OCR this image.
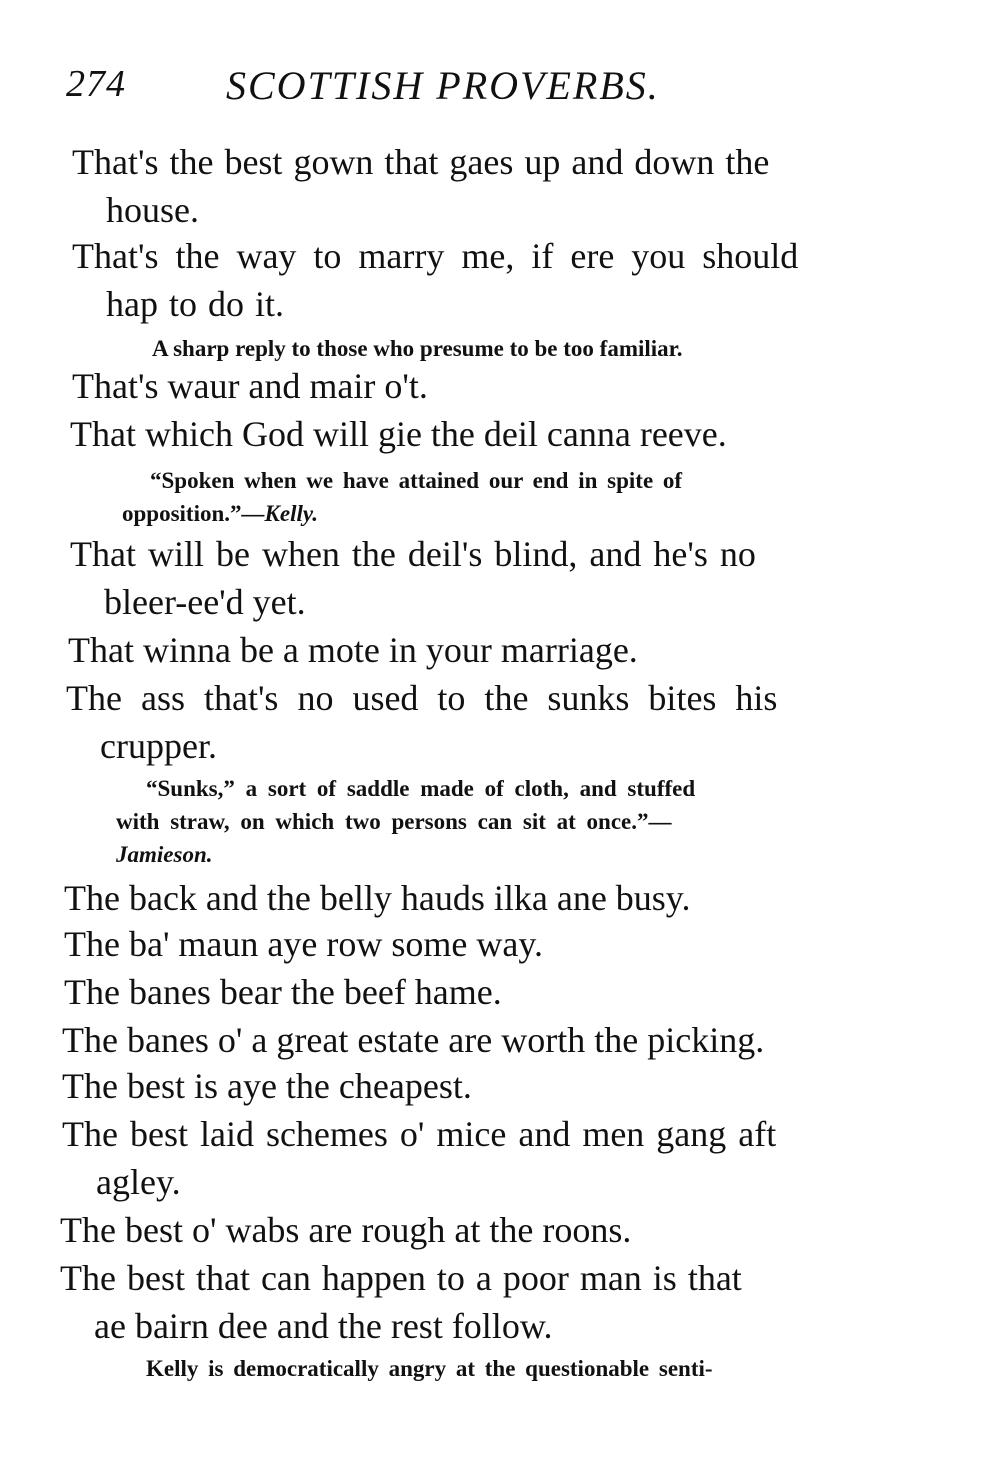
274	SCOTTISH PROVERBS.
That's the best gown that gaes up and down the
house.
That's the way to marry me, if ere you should
hap to do it.
A sharp reply to those who presume to be too familiar.
That's waur and mair o't.
That which God will gie the deil canna reeve.
“Spoken when we have attained our end in spite of
opposition.”—Kelly.
That will be when the deil's blind, and he's no
bleer-ee'd yet.
That winna be a mote in your marriage.
The ass that's no used to the sunks bites his
crupper.
“Sunks,” a sort of saddle made of cloth, and stuffed
with straw, on which two persons can sit at once.”—
Jamieson.
The back and the belly hauds ilka ane busy.
The ba' maun aye row some way.
The banes bear the beef hame.
The banes o' a great estate are worth the picking.
The best is aye the cheapest.
The best laid schemes o' mice and men gang aft
agley.
The best o' wabs are rough at the roons.
The best that can happen to a poor man is that
ae bairn dee and the rest follow.
Kelly is democratically angry at the questionable senti-
